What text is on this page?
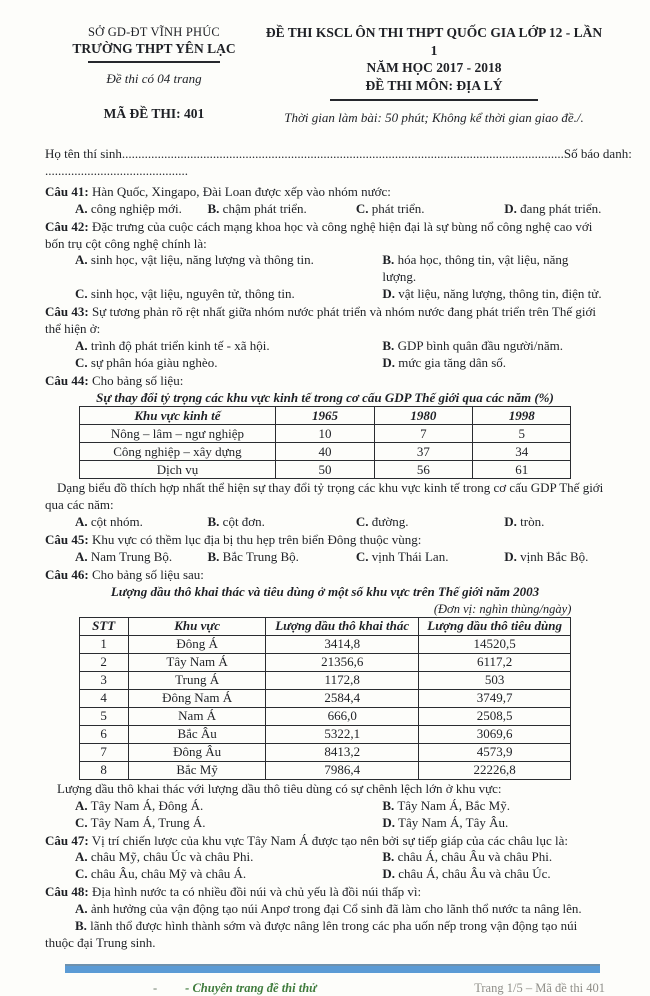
SỞ GD-ĐT VĨNH PHÚC
TRƯỜNG THPT YÊN LẠC
Đề thi có 04 trang
MÃ ĐỀ THI: 401
ĐỀ THI KSCL ÔN THI THPT QUỐC GIA LỚP 12 - LẦN 1
NĂM HỌC 2017 - 2018
ĐỀ THI MÔN: ĐỊA LÝ
Thời gian làm bài: 50 phút; Không kể thời gian giao đề./.
Họ tên thí sinh ........................................................................................................................................ Số báo danh:
............................................

Câu 41: Hàn Quốc, Xingapo, Đài Loan được xếp vào nhóm nước:

A. công nghiệp mới.	B. chậm phát triển.	C. phát triển.	D. đang phát triển.

Câu 42: Đặc trưng của cuộc cách mạng khoa học và công nghệ hiện đại là sự bùng nổ công nghệ cao với bốn trụ cột công nghệ chính là:

A. sinh học, vật liệu, năng lượng và thông tin.	B. hóa học, thông tin, vật liệu, năng lượng.
C. sinh học, vật liệu, nguyên tử, thông tin.	D. vật liệu, năng lượng, thông tin, điện tử.

Câu 43: Sự tương phản rõ rệt nhất giữa nhóm nước phát triển và nhóm nước đang phát triển trên Thế giới thể hiện ở:

A. trình độ phát triển kinh tế - xã hội.	B. GDP bình quân đầu người/năm.
C. sự phân hóa giàu nghèo.	D. mức gia tăng dân số.

Câu 44: Cho bảng số liệu:

Sự thay đổi tỷ trọng các khu vực kinh tế trong cơ cấu GDP Thế giới qua các năm (%)
Khu vực kinh tế	1965	1980	1998
Nông – lâm – ngư nghiệp	10	7	5
Công nghiệp – xây dựng	40	37	34
Dịch vụ	50	56	61

Dạng biểu đồ thích hợp nhất thể hiện sự thay đổi tỷ trọng các khu vực kinh tế trong cơ cấu GDP Thế giới qua các năm:

A. cột nhóm.	B. cột đơn.	C. đường.	D. tròn.

Câu 45: Khu vực có thềm lục địa bị thu hẹp trên biển Đông thuộc vùng:

A. Nam Trung Bộ.	B. Bắc Trung Bộ.	C. vịnh Thái Lan.	D. vịnh Bắc Bộ.

Câu 46: Cho bảng số liệu sau:

Lượng dầu thô khai thác và tiêu dùng ở một số khu vực trên Thế giới năm 2003
(Đơn vị: nghìn thùng/ngày)
STT	Khu vực	Lượng dầu thô khai thác	Lượng dầu thô tiêu dùng
1	Đông Á	3414,8	14520,5
2	Tây Nam Á	21356,6	6117,2
3	Trung Á	1172,8	503
4	Đông Nam Á	2584,4	3749,7
5	Nam Á	666,0	2508,5
6	Bắc Âu	5322,1	3069,6
7	Đông Âu	8413,2	4573,9
8	Bắc Mỹ	7986,4	22226,8

Lượng dầu thô khai thác với lượng dầu thô tiêu dùng có sự chênh lệch lớn ở khu vực:

A. Tây Nam Á, Đông Á.	B. Tây Nam Á, Bắc Mỹ.
C. Tây Nam Á, Trung Á.	D. Tây Nam Á, Tây Âu.

Câu 47: Vị trí chiến lược của khu vực Tây Nam Á được tạo nên bởi sự tiếp giáp của các châu lục là:

A. châu Mỹ, châu Úc và châu Phi.	B. châu Á, châu Âu và châu Phi.
C. châu Âu, châu Mỹ và châu Á.	D. châu Á, châu Âu và châu Úc.

Câu 48: Địa hình nước ta có nhiều đồi núi và chủ yếu là đồi núi thấp vì:

A. ảnh hưởng của vận động tạo núi Anpơ trong đại Cổ sinh đã làm cho lãnh thổ nước ta nâng lên.
B. lãnh thổ được hình thành sớm và được nâng lên trong các pha uốn nếp trong vận động tạo núi thuộc đại Trung sinh.
- - Chuyên trang đề thi thử	Trang 1/5 – Mã đề thi 401
